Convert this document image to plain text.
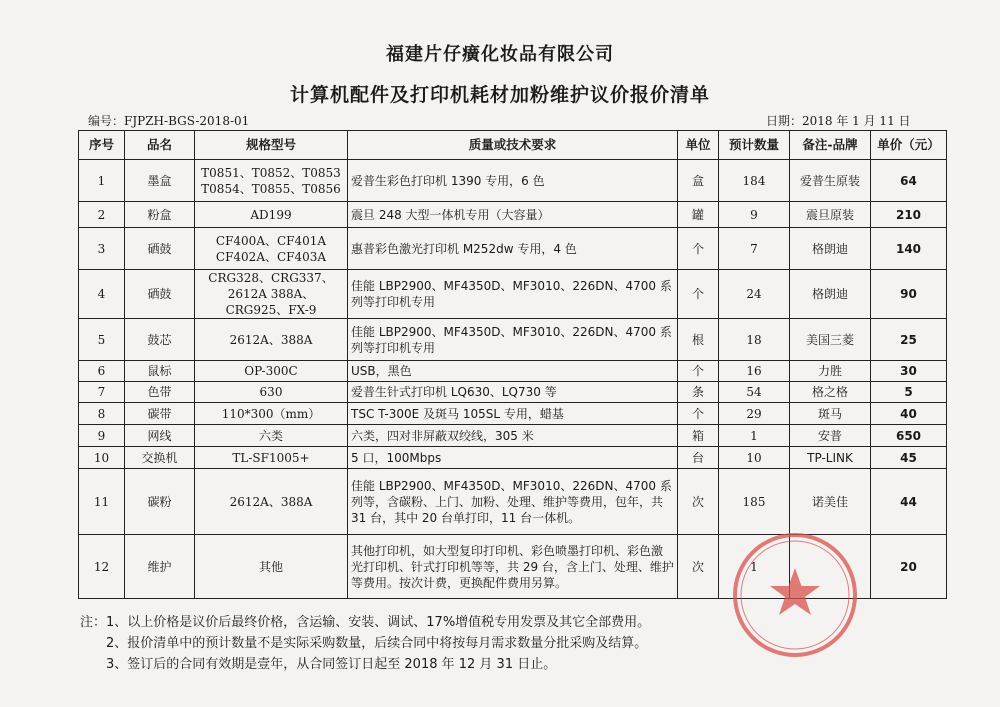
福建片仔癀化妆品有限公司
计算机配件及打印机耗材加粉维护议价报价清单
编号：FJPZH-BGS-2018-01	日期：2018 年 1 月 11 日
序号	品名	规格型号	质量或技术要求	单位	预计数量	备注-品牌	单价（元）
1	墨盒	T0851、T0852、T0853 T0854、T0855、T0856	爱普生彩色打印机 1390 专用，6 色	盒	184	爱普生原装	64
2	粉盒	AD199	震旦 248 大型一体机专用（大容量）	罐	9	震旦原装	210
3	硒鼓	CF400A、CF401A CF402A、CF403A	惠普彩色激光打印机 M252dw 专用，4 色	个	7	格朗迪	140
4	硒鼓	CRG328、CRG337、2612A 388A、CRG925、FX-9	佳能 LBP2900、MF4350D、MF3010、226DN、4700 系列等打印机专用	个	24	格朗迪	90
5	鼓芯	2612A、388A	佳能 LBP2900、MF4350D、MF3010、226DN、4700 系列等打印机专用	根	18	美国三菱	25
6	鼠标	OP-300C	USB，黑色	个	16	力胜	30
7	色带	630	爱普生针式打印机 LQ630、LQ730 等	条	54	格之格	5
8	碳带	110*300（mm）	TSC T-300E 及斑马 105SL 专用，蜡基	个	29	斑马	40
9	网线	六类	六类，四对非屏蔽双绞线，305 米	箱	1	安普	650
10	交换机	TL-SF1005+	5 口，100Mbps	台	10	TP-LINK	45
11	碳粉	2612A、388A	佳能 LBP2900、MF4350D、MF3010、226DN、4700 系列等，含碳粉、上门、加粉、处理、维护等费用，包年，共 31 台，其中 20 台单打印，11 台一体机。	次	185	诺美佳	44
12	维护	其他	其他打印机，如大型复印打印机、彩色喷墨打印机、彩色激光打印机、针式打印机等等，共 29 台，含上门、处理、维护等费用。按次计费，更换配件费用另算。	次	1		20
注：1、以上价格是议价后最终价格，含运输、安装、调试、17%增值税专用发票及其它全部费用。
2、报价清单中的预计数量不是实际采购数量，后续合同中将按每月需求数量分批采购及结算。
3、签订后的合同有效期是壹年，从合同签订日起至 2018 年 12 月 31 日止。
